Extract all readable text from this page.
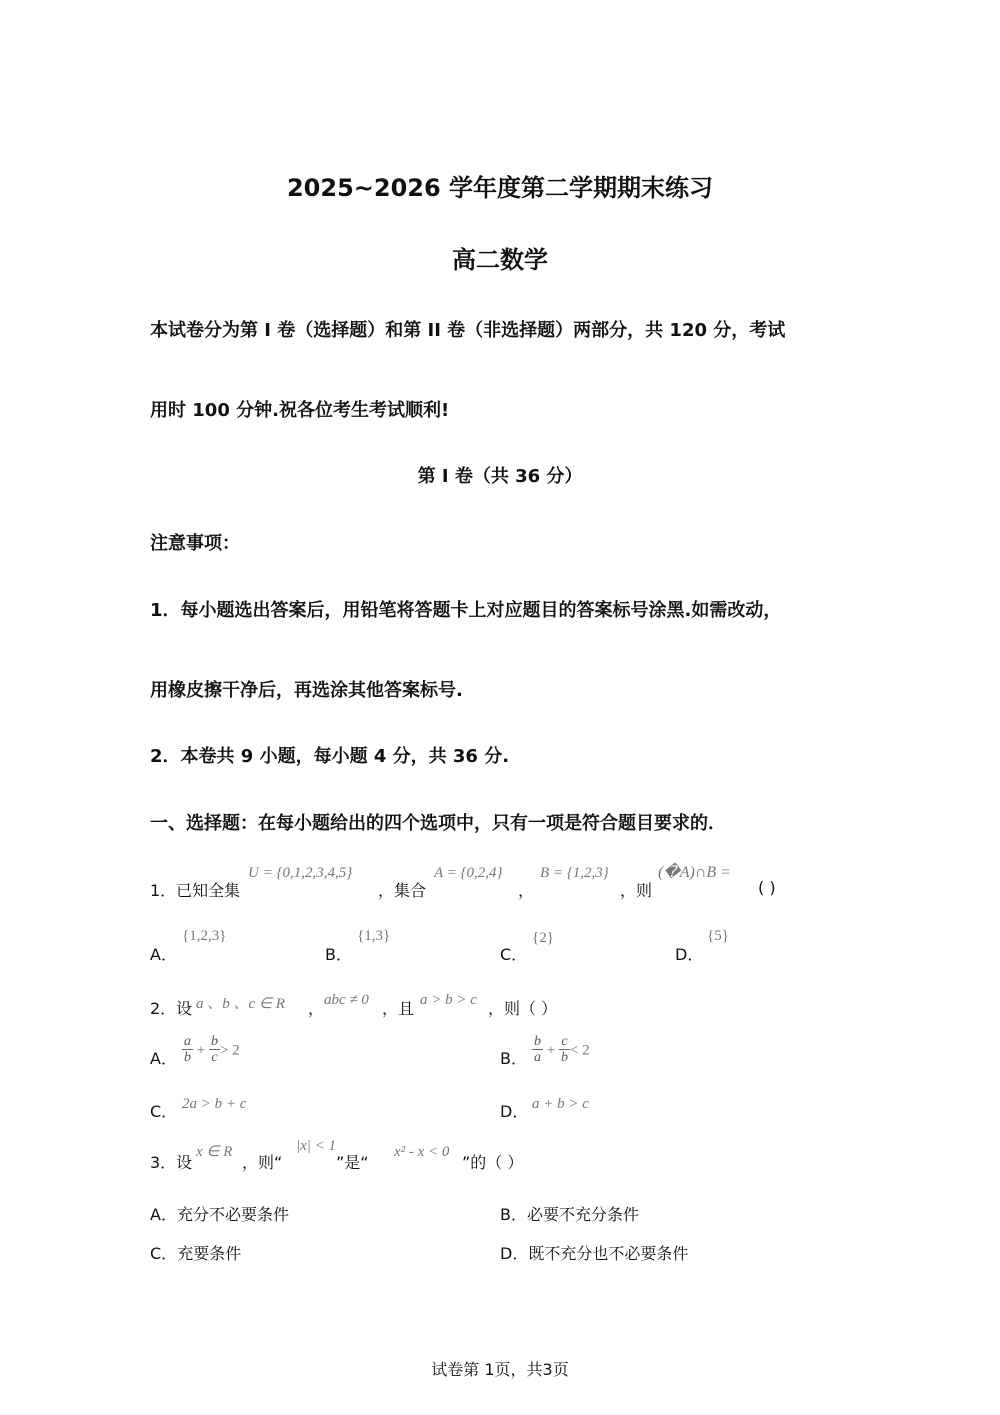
2025~2026 学年度第二学期期末练习
高二数学
本试卷分为第 I 卷（选择题）和第 II 卷（非选择题）两部分，共 120 分，考试
用时 100 分钟.祝各位考生考试顺利!
第 I 卷（共 36 分）
注意事项：
1．每小题选出答案后，用铅笔将答题卡上对应题目的答案标号涂黑.如需改动，
用橡皮擦干净后，再选涂其他答案标号.
2．本卷共 9 小题，每小题 4 分，共 36 分.
一、选择题：在每小题给出的四个选项中，只有一项是符合题目要求的．
1．已知全集
U = {0,1,2,3,4,5}
，集合
A = {0,2,4}
，
B = {1,2,3}
，则
(�A)∩B =
( )
A．
{1,2,3}
B．
{1,3}
C．
{2}
D．
{5}
2．设 a 、b 、c ∈ R ， abc ≠ 0 ，且 a > b > c ，则（ ）
A． $\frac{a}{b} + \frac{b}{c} > 2$	B． $\frac{b}{a} + \frac{c}{b} < 2$
C． 2a > b + c	D． a + b > c
3．设
x ∈ R
，则“
|x| < 1
”是“
x² - x < 0
”的（ ）
A．充分不必要条件	B．必要不充分条件
C．充要条件	D．既不充分也不必要条件
试卷第 1页，共3页
